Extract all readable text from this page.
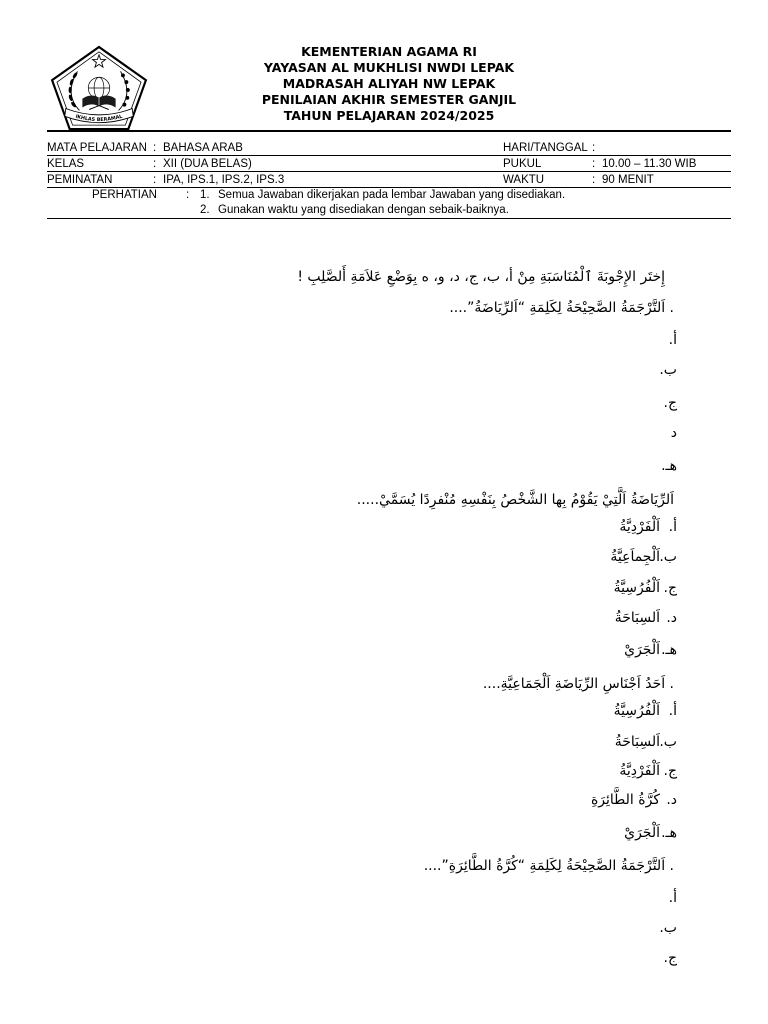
IKHLAS BERAMAL
KEMENTERIAN AGAMA RI
YAYASAN AL MUKHLISI NWDI LEPAK
MADRASAH ALIYAH NW LEPAK
PENILAIAN AKHIR SEMESTER GANJIL
TAHUN PELAJARAN 2024/2025
MATA PELAJARAN : BAHASA ARAB	HARI/TANGGAL :
KELAS	: XII (DUA BELAS)	PUKUL	: 10.00 – 11.30 WIB
PEMINATAN	: IPA, IPS.1, IPS.2, IPS.3	WAKTU	: 90 MENIT
PERHATIAN	: 1. Semua Jawaban dikerjakan pada lembar Jawaban yang disediakan.
2. Gunakan waktu yang disediakan dengan sebaik-baiknya.
إِختَر الإِجْوبَةَ ٱلْمُنَاسَبَةِ مِنْ أ، ب، ج، د، و، ه بِوَضْعِ عَلاَمَةِ أَلصَّلِبِ !
. اَلتَّرْجَمَةُ الصَّحِيْحَةُ لِكَلِمَةِ “اَلرِّيَاضَةُ”....
أ.
ب.
ج.
د
هـ.
اَلرِّيَاضَةُ اَلَّتِيْ يَقُوْمُ بِها الشَّخْصُ بِنَفْسِهِ مُنْفرِدًا يُسَمَّيْ.....
أ.اَلْفَرْدِيَّةُ
ب.اَلْجِماَعِيَّةُ
ج.اَلْفُرُسِيَّةُ
د.اَلسِبَاحَةُ
هـ.اَلْجَرَيْ
. اَحَدُ اَجْنَاسِ الرِّيَاضَةِ اَلْجَمَاعِيَّةِ....
أ.اَلْفُرُسِيَّةُ
ب.اَلسِبَاحَةُ
ج.اَلْفَرْدِيَّةُ
د.كُرَّةُ الطَّائِرَةِ
هـ.اَلْجَرَيْ
. اَلتَّرْجَمَةُ الصَّحِيْحَةُ لِكَلِمَةِ “كُرَّةُ الطَّائِرَةِ”....
أ.
ب.
ج.
